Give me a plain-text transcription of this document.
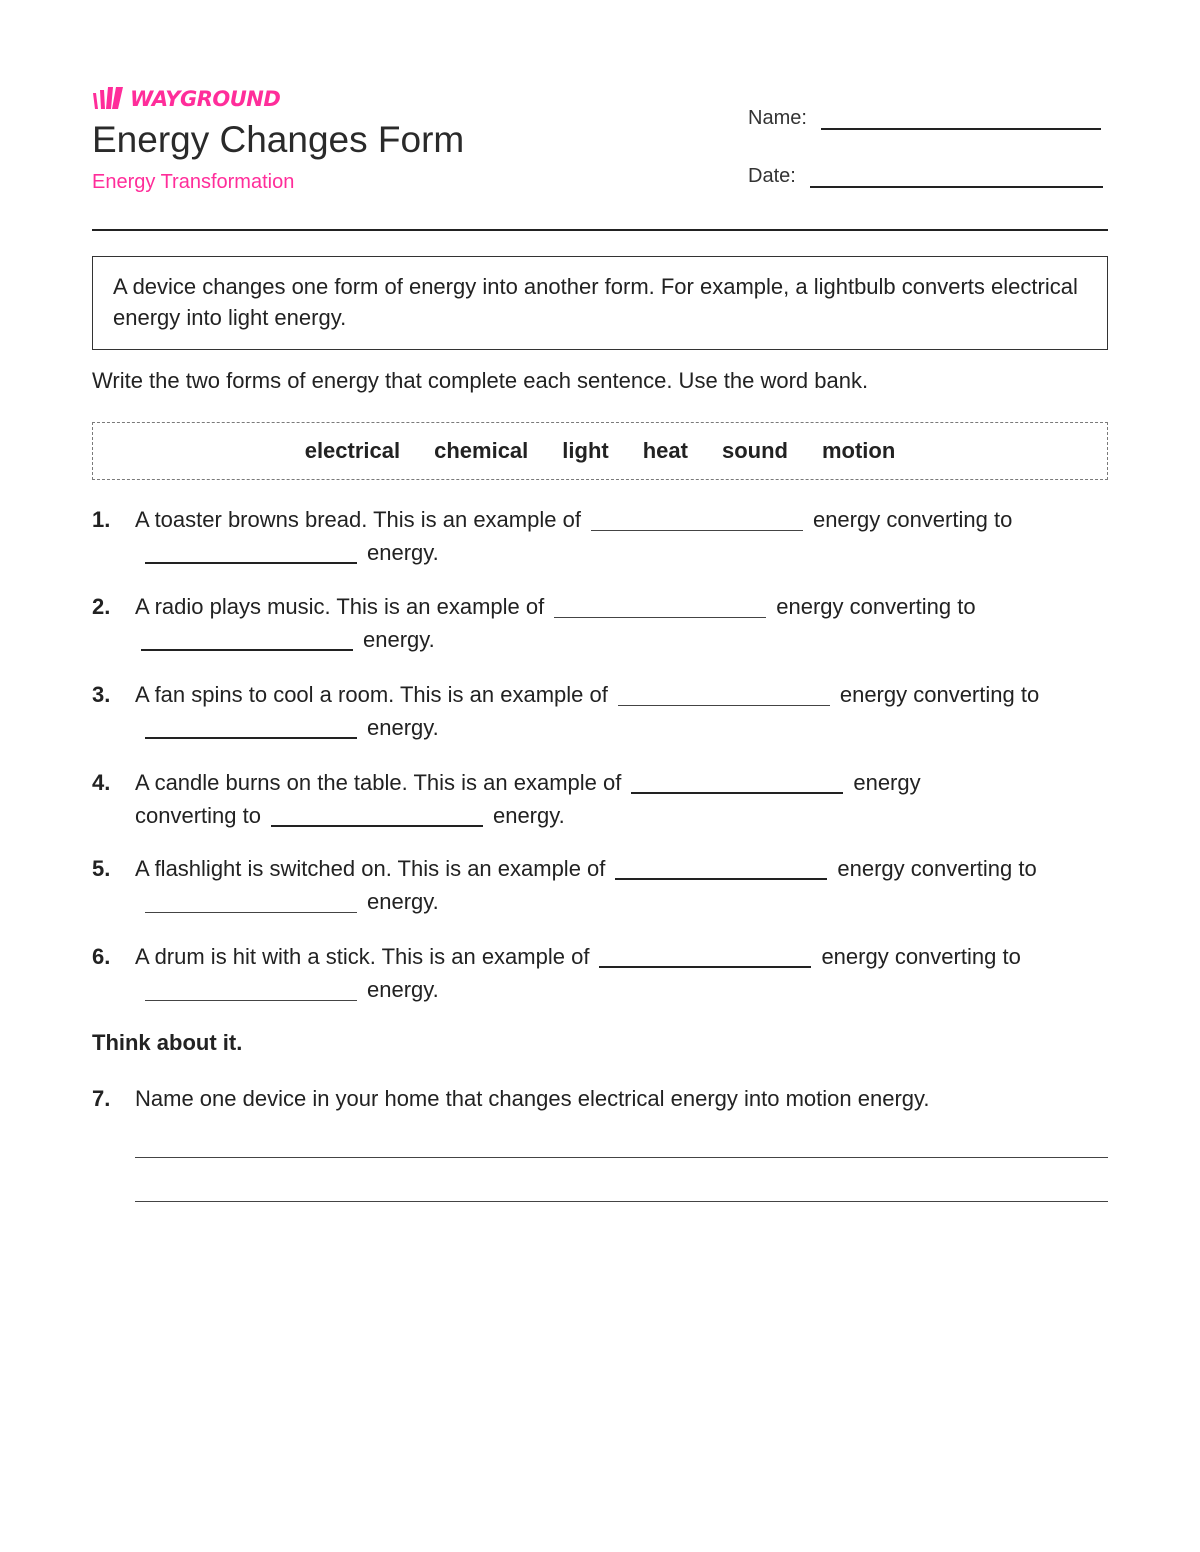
WAYGROUND
Energy Changes Form
Energy Transformation
Name:
Date:
A device changes one form of energy into another form. For example, a lightbulb converts electrical energy into light energy.
Write the two forms of energy that complete each sentence. Use the word bank.
electrical chemical light heat sound motion
1. A toaster browns bread. This is an example of	energy converting toenergy.
2. A radio plays music. This is an example of	energy converting to
energy.
3. A fan spins to cool a room. This is an example of	energy converting toenergy.
4. A candle burns on the table. This is an example of	energy
converting to	energy.
5. A flashlight is switched on. This is an example of	energy converting toenergy.
6. A drum is hit with a stick. This is an example of	energy converting toenergy.
Think about it.
7. Name one device in your home that changes electrical energy into motion energy.
